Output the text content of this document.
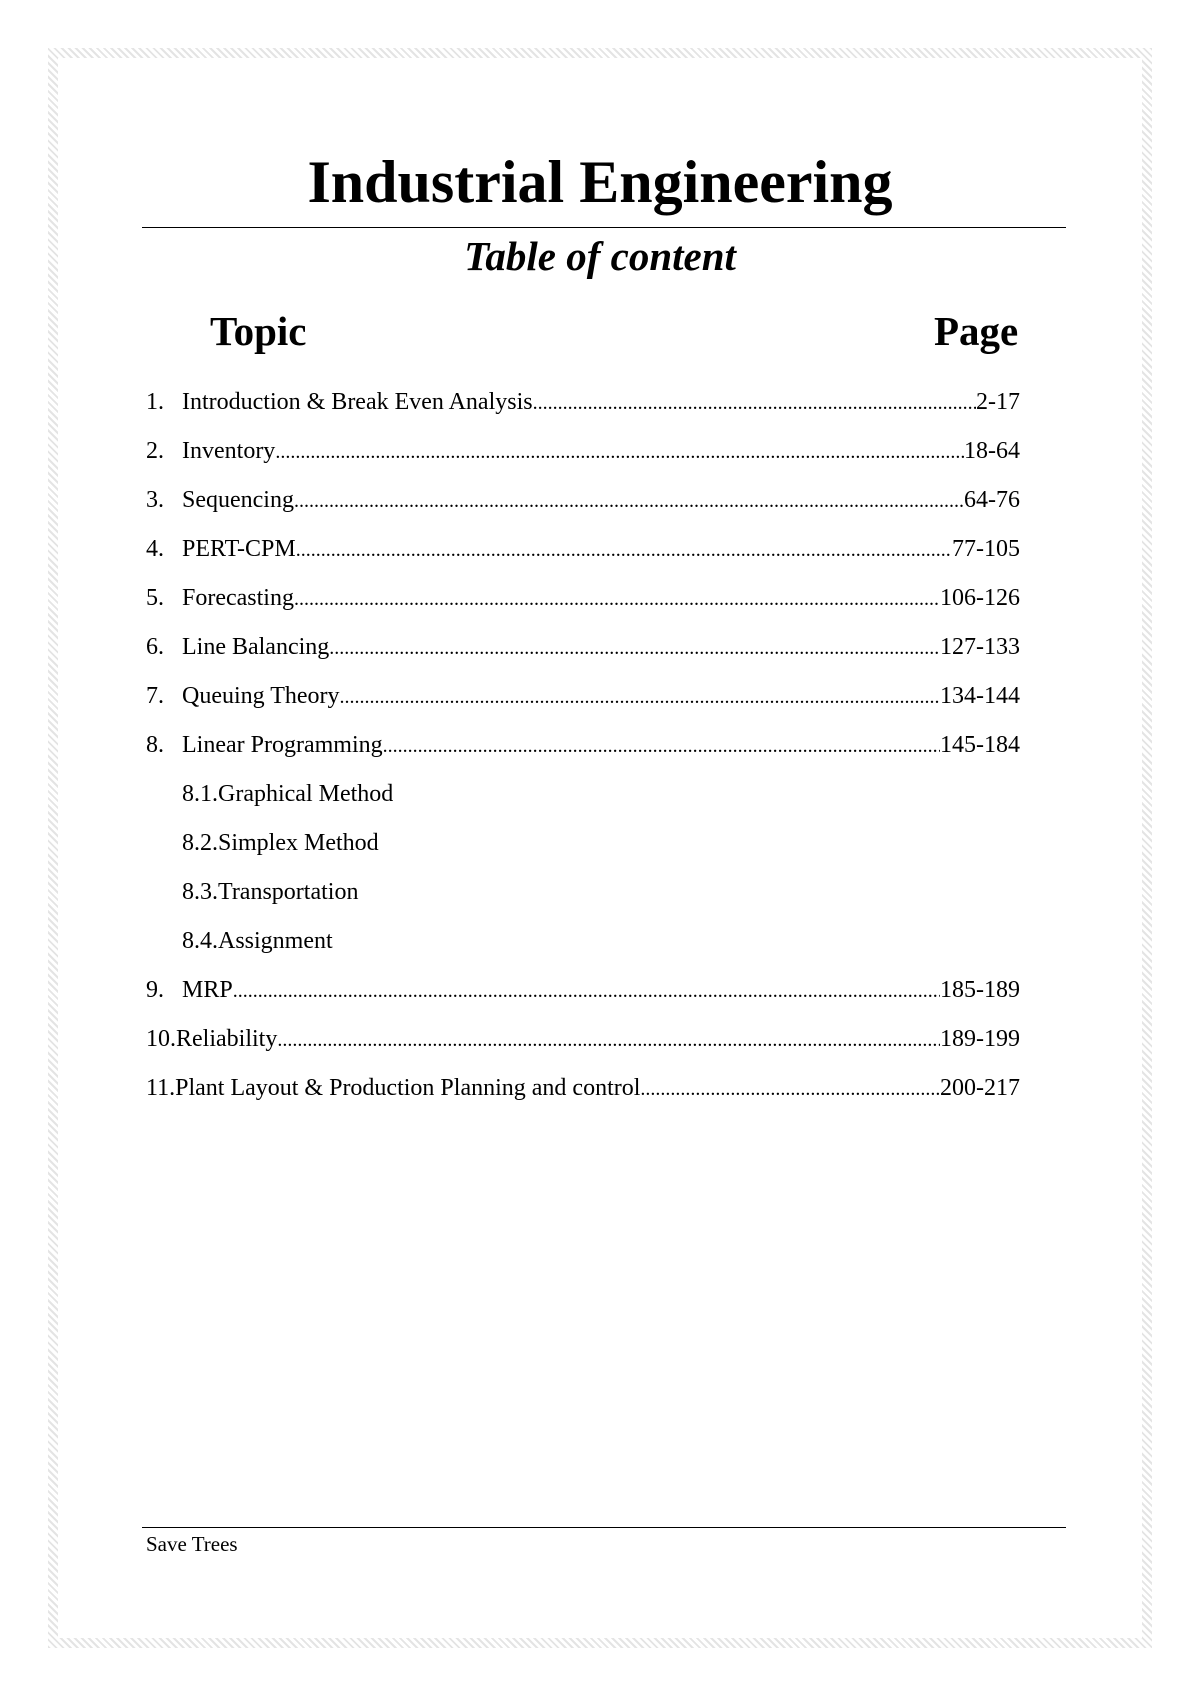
Industrial Engineering
Table of content
Topic	Page
1. Introduction & Break Even Analysis .....	2-17
2. Inventory .....	18-64
3. Sequencing .....	64-76
4. PERT-CPM .....	77-105
5. Forecasting .....	106-126
6. Line Balancing .....	127-133
7. Queuing Theory .....	134-144
8. Linear Programming .....	145-184
8.1. Graphical Method
8.2. Simplex Method
8.3. Transportation
8.4. Assignment
9. MRP .....	185-189
10. Reliability .....	189-199
11. Plant Layout & Production Planning and control .....	200-217
Save Trees
